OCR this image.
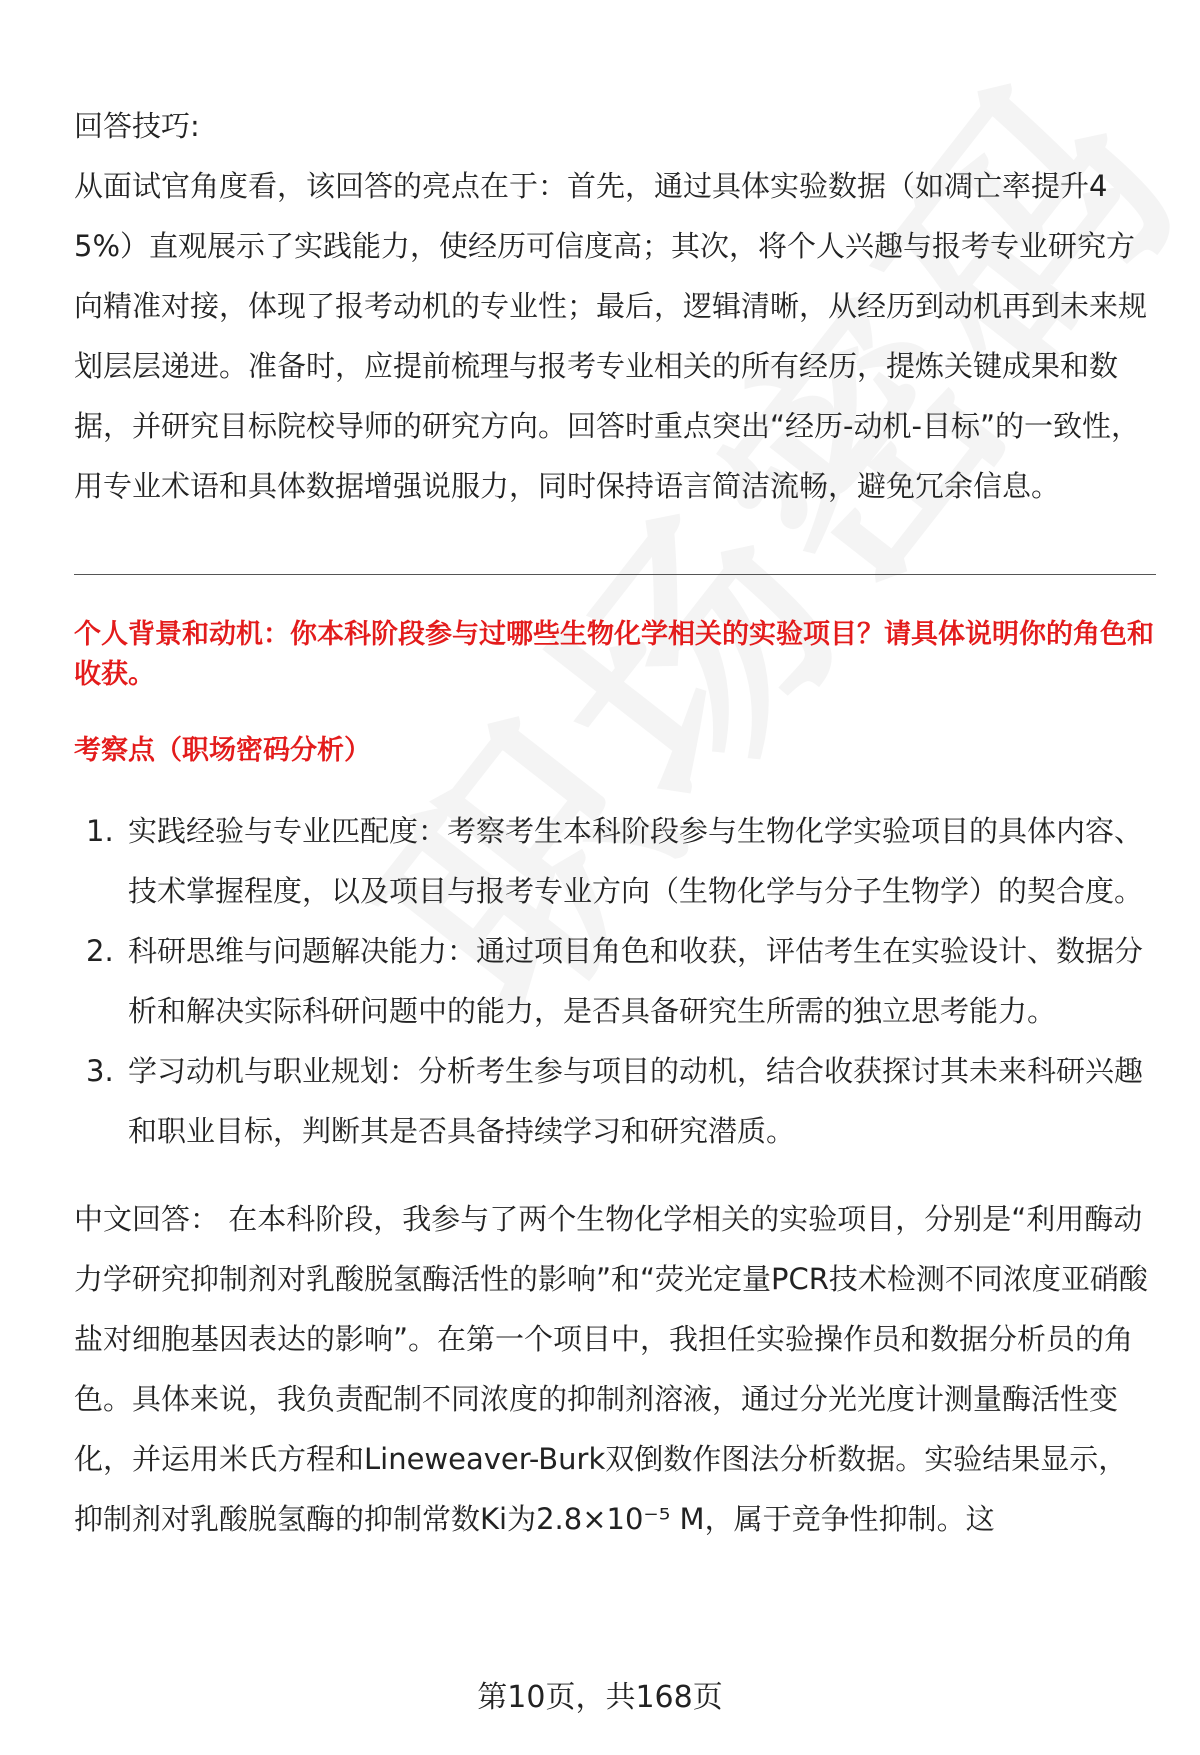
回答技巧:

从面试官角度看，该回答的亮点在于：首先，通过具体实验数据（如凋亡率提升45%）直观展示了实践能力，使经历可信度高；其次，将个人兴趣与报考专业研究方向精准对接，体现了报考动机的专业性；最后，逻辑清晰，从经历到动机再到未来规划层层递进。准备时，应提前梳理与报考专业相关的所有经历，提炼关键成果和数据，并研究目标院校导师的研究方向。回答时重点突出“经历-动机-目标”的一致性，用专业术语和具体数据增强说服力，同时保持语言简洁流畅，避免冗余信息。

个人背景和动机：你本科阶段参与过哪些生物化学相关的实验项目？请具体说明你的角色和收获。

考察点（职场密码分析）

1. 实践经验与专业匹配度：考察考生本科阶段参与生物化学实验项目的具体内容、技术掌握程度，以及项目与报考专业方向（生物化学与分子生物学）的契合度。
2. 科研思维与问题解决能力：通过项目角色和收获，评估考生在实验设计、数据分析和解决实际科研问题中的能力，是否具备研究生所需的独立思考能力。
3. 学习动机与职业规划：分析考生参与项目的动机，结合收获探讨其未来科研兴趣和职业目标，判断其是否具备持续学习和研究潜质。

中文回答： 在本科阶段，我参与了两个生物化学相关的实验项目，分别是“利用酶动力学研究抑制剂对乳酸脱氢酶活性的影响”和“荧光定量PCR技术检测不同浓度亚硝酸盐对细胞基因表达的影响”。在第一个项目中，我担任实验操作员和数据分析员的角色。具体来说，我负责配制不同浓度的抑制剂溶液，通过分光光度计测量酶活性变化，并运用米氏方程和Lineweaver-Burk双倒数作图法分析数据。实验结果显示，抑制剂对乳酸脱氢酶的抑制常数Ki为2.8×10⁻⁵ M，属于竞争性抑制。这

第10页，共168页
